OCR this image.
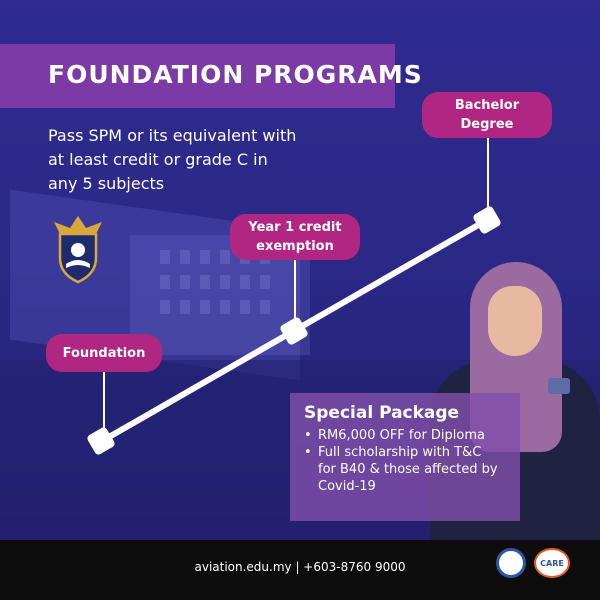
FOUNDATION PROGRAMS
Pass SPM or its equivalent with
at least credit or grade C in
any 5 subjects
Foundation
Year 1 credit
exemption
Bachelor
Degree
Special Package
• RM6,000 OFF for Diploma
• Full scholarship with T&C
for B40 & those affected by
Covid-19
aviation.edu.my | +603-8760 9000	CARE
